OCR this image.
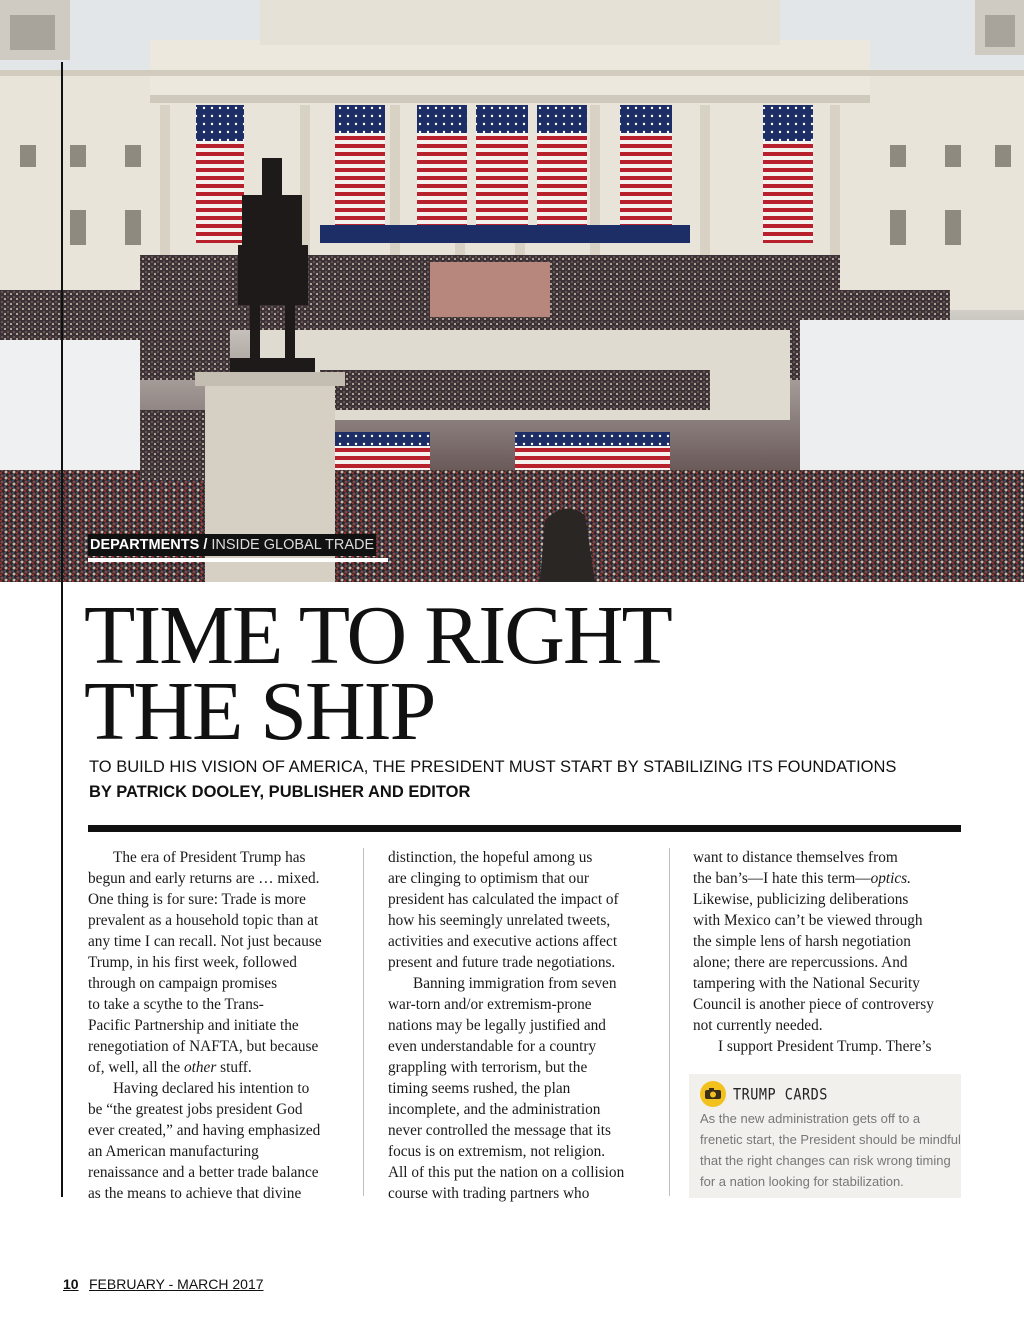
DEPARTMENTS / INSIDE GLOBAL TRADE
TIME TO RIGHT
THE SHIP
TO BUILD HIS VISION OF AMERICA, THE PRESIDENT MUST START BY STABILIZING ITS FOUNDATIONS
BY PATRICK DOOLEY, PUBLISHER AND EDITOR
The era of President Trump has
begun and early returns are … mixed.
One thing is for sure: Trade is more
prevalent as a household topic than at
any time I can recall. Not just because
Trump, in his first week, followed
through on campaign promises
to take a scythe to the Trans-
Pacific Partnership and initiate the
renegotiation of NAFTA, but because
of, well, all the other stuff.
Having declared his intention to
be “the greatest jobs president God
ever created,” and having emphasized
an American manufacturing
renaissance and a better trade balance
as the means to achieve that divine
distinction, the hopeful among us
are clinging to optimism that our
president has calculated the impact of
how his seemingly unrelated tweets,
activities and executive actions affect
present and future trade negotiations.
Banning immigration from seven
war-torn and/or extremism-prone
nations may be legally justified and
even understandable for a country
grappling with terrorism, but the
timing seems rushed, the plan
incomplete, and the administration
never controlled the message that its
focus is on extremism, not religion.
All of this put the nation on a collision
course with trading partners who
want to distance themselves from
the ban’s—I hate this term—optics.
Likewise, publicizing deliberations
with Mexico can’t be viewed through
the simple lens of harsh negotiation
alone; there are repercussions. And
tampering with the National Security
Council is another piece of controversy
not currently needed.
I support President Trump. There’s
TRUMP CARDS
As the new administration gets off to a
frenetic start, the President should be mindful
that the right changes can risk wrong timing
for a nation looking for stabilization.
10 FEBRUARY - MARCH 2017
